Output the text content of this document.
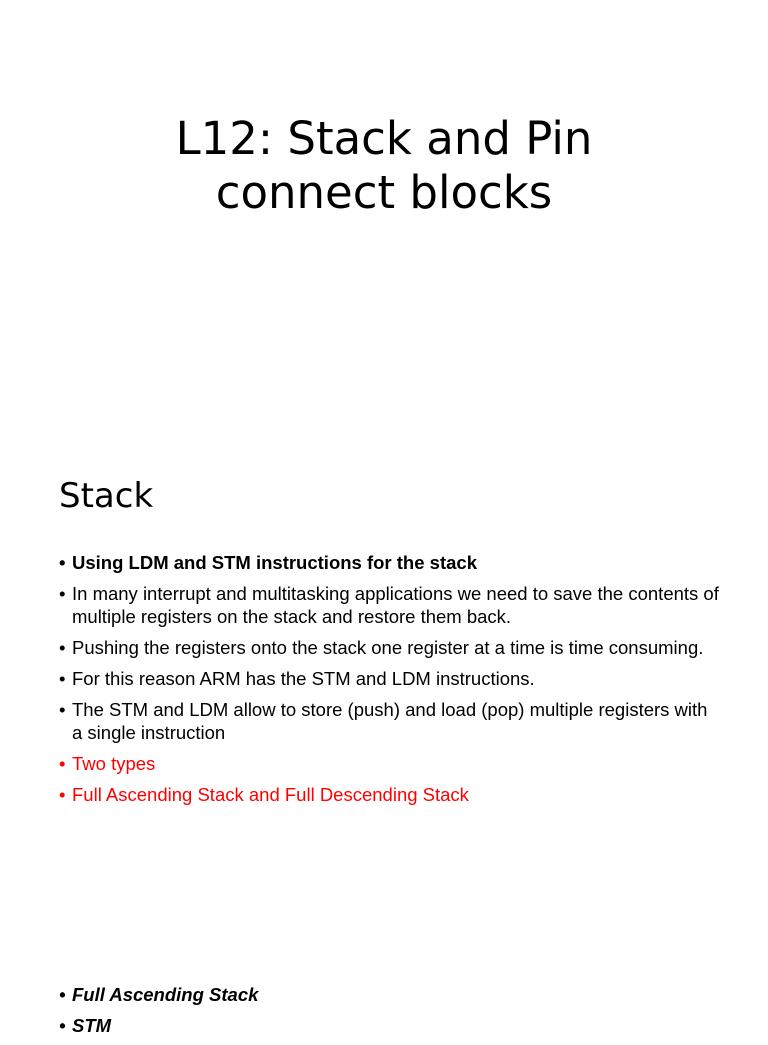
L12: Stack and Pin
connect blocks
Stack
• Using LDM and STM instructions for the stack
• In many interrupt and multitasking applications we need to save the contents of multiple registers on the stack and restore them back.
• Pushing the registers onto the stack one register at a time is time consuming.
• For this reason ARM has the STM and LDM instructions.
• The STM and LDM allow to store (push) and load (pop) multiple registers with a single instruction
• Two types
• Full Ascending Stack and Full Descending Stack
• Full Ascending Stack
• STM
